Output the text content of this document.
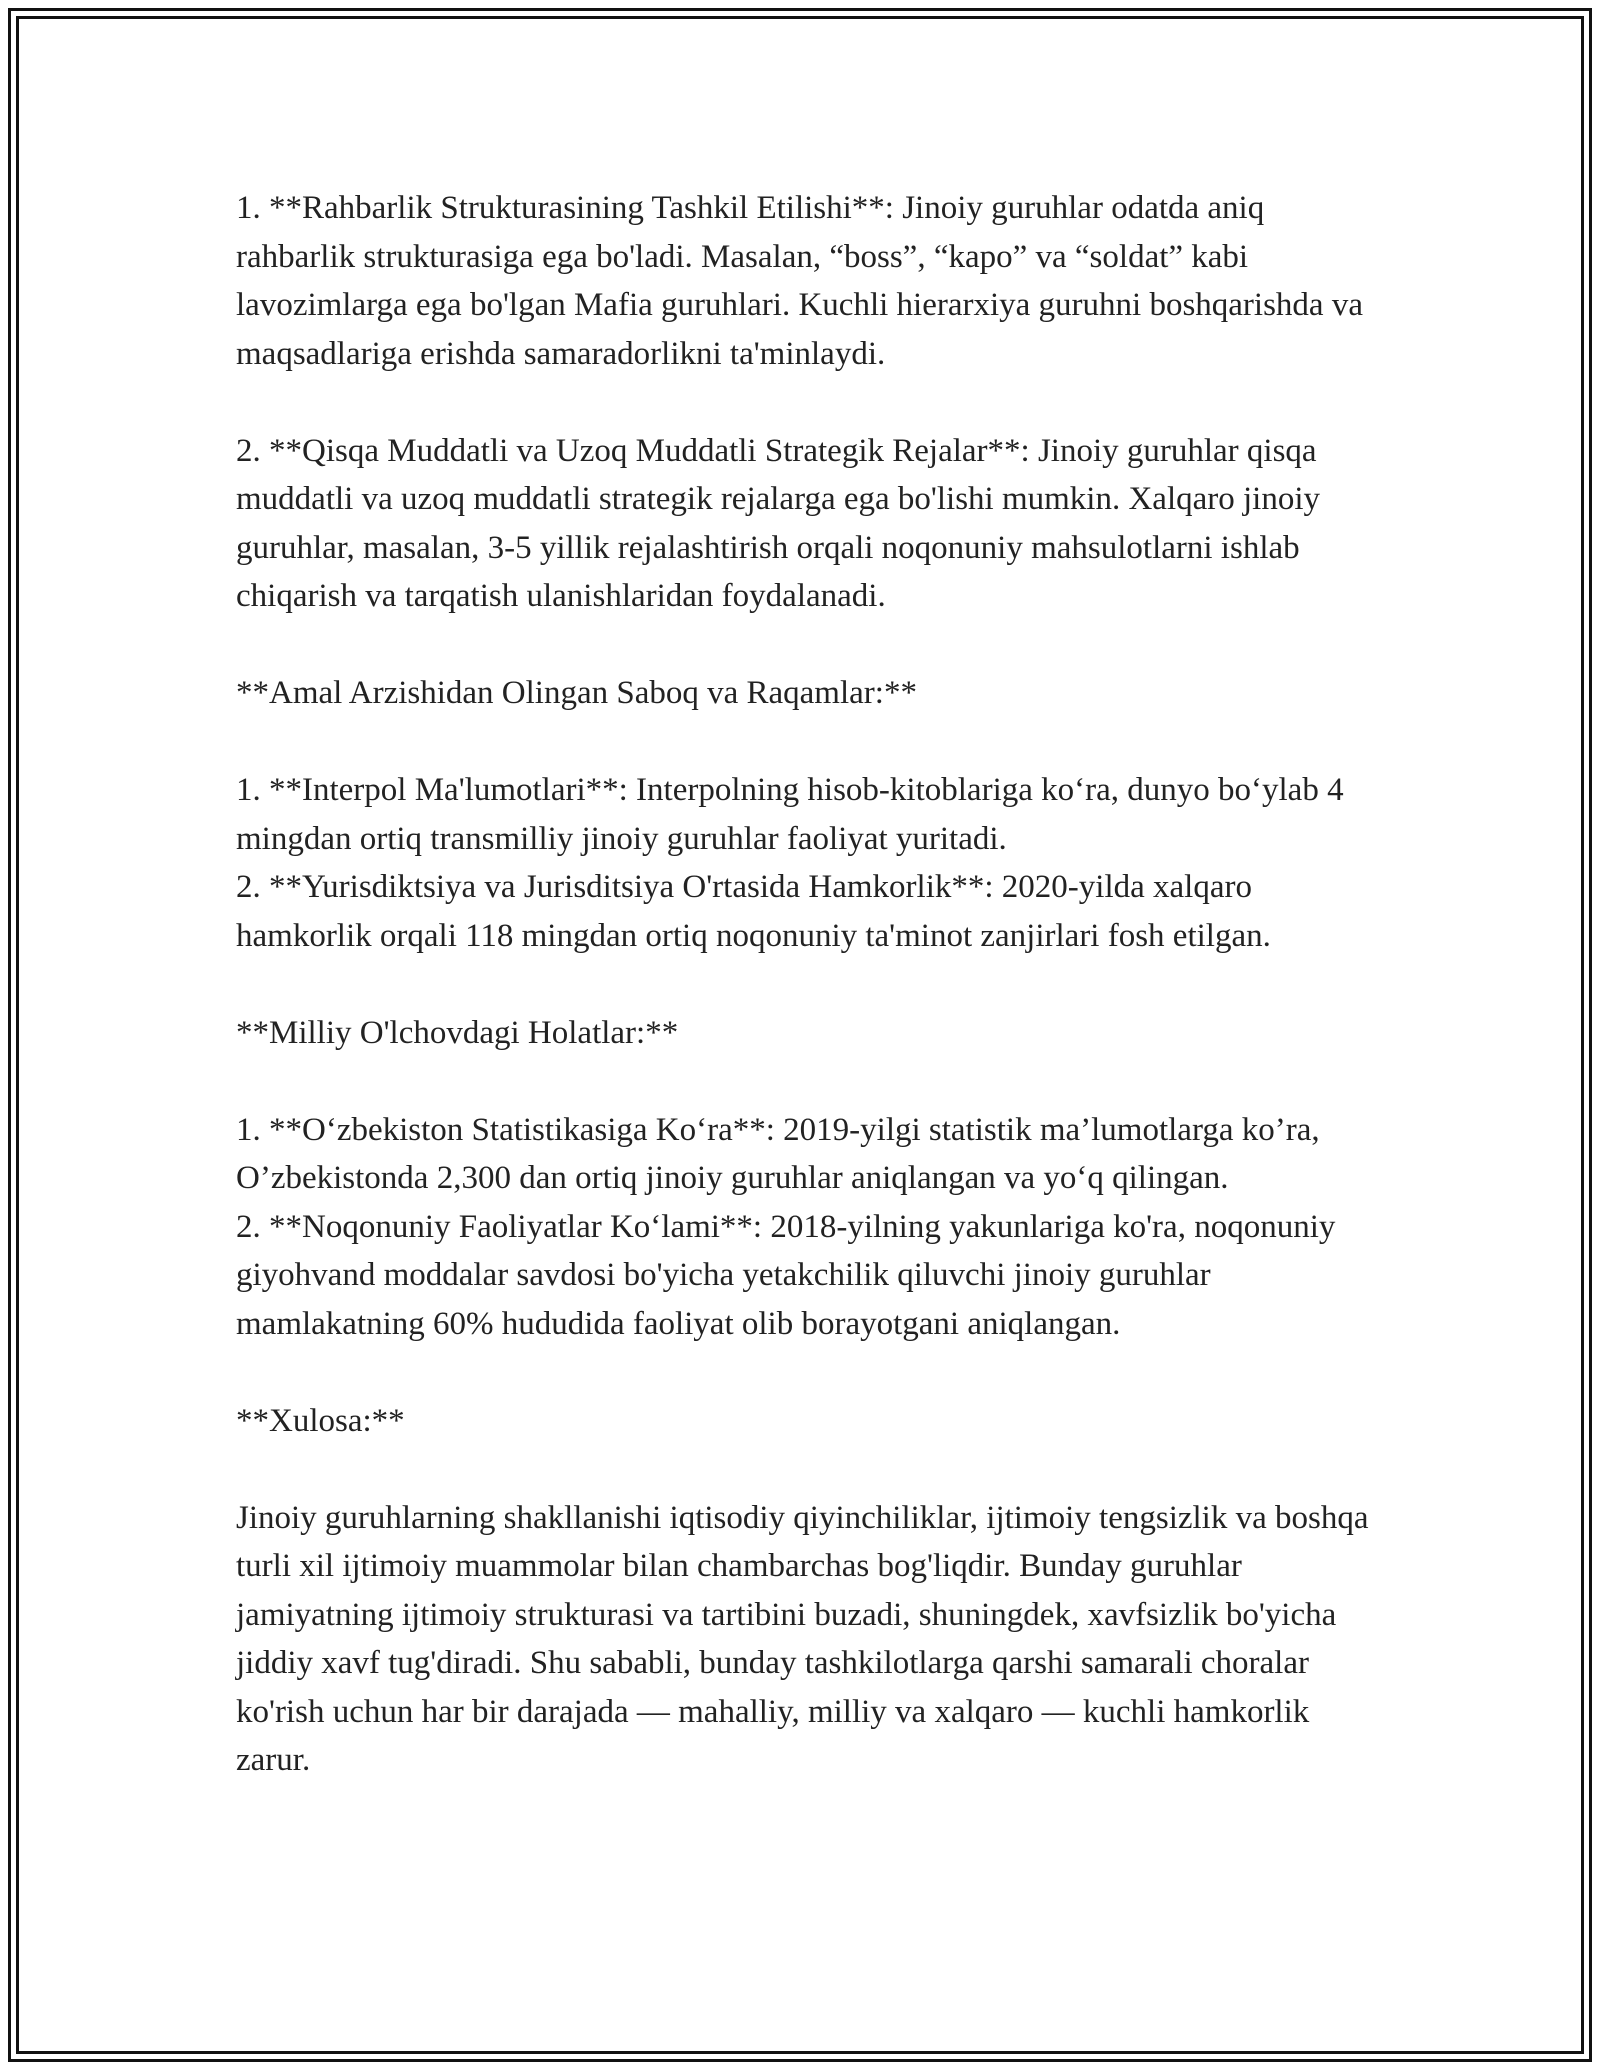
1. **Rahbarlik Strukturasining Tashkil Etilishi**: Jinoiy guruhlar odatda aniq rahbarlik strukturasiga ega bo'ladi. Masalan, “boss”, “kapo” va “soldat” kabi lavozimlarga ega bo'lgan Mafia guruhlari. Kuchli hierarxiya guruhni boshqarishda va maqsadlariga erishda samaradorlikni ta'minlaydi.

2. **Qisqa Muddatli va Uzoq Muddatli Strategik Rejalar**: Jinoiy guruhlar qisqa muddatli va uzoq muddatli strategik rejalarga ega bo'lishi mumkin. Xalqaro jinoiy guruhlar, masalan, 3-5 yillik rejalashtirish orqali noqonuniy mahsulotlarni ishlab chiqarish va tarqatish ulanishlaridan foydalanadi.

**Amal Arzishidan Olingan Saboq va Raqamlar:**

1. **Interpol Ma'lumotlari**: Interpolning hisob-kitoblariga ko‘ra, dunyo bo‘ylab 4 mingdan ortiq transmilliy jinoiy guruhlar faoliyat yuritadi.

2. **Yurisdiktsiya va Jurisditsiya O'rtasida Hamkorlik**: 2020-yilda xalqaro hamkorlik orqali 118 mingdan ortiq noqonuniy ta'minot zanjirlari fosh etilgan.

**Milliy O'lchovdagi Holatlar:**

1. **O‘zbekiston Statistikasiga Ko‘ra**: 2019-yilgi statistik ma’lumotlarga ko’ra, O’zbekistonda 2,300 dan ortiq jinoiy guruhlar aniqlangan va yo‘q qilingan.

2. **Noqonuniy Faoliyatlar Ko‘lami**: 2018-yilning yakunlariga ko'ra, noqonuniy giyohvand moddalar savdosi bo'yicha yetakchilik qiluvchi jinoiy guruhlar mamlakatning 60% hududida faoliyat olib borayotgani aniqlangan.

**Xulosa:**

Jinoiy guruhlarning shakllanishi iqtisodiy qiyinchiliklar, ijtimoiy tengsizlik va boshqa turli xil ijtimoiy muammolar bilan chambarchas bog'liqdir. Bunday guruhlar jamiyatning ijtimoiy strukturasi va tartibini buzadi, shuningdek, xavfsizlik bo'yicha jiddiy xavf tug'diradi. Shu sababli, bunday tashkilotlarga qarshi samarali choralar ko'rish uchun har bir darajada — mahalliy, milliy va xalqaro — kuchli hamkorlik zarur.
